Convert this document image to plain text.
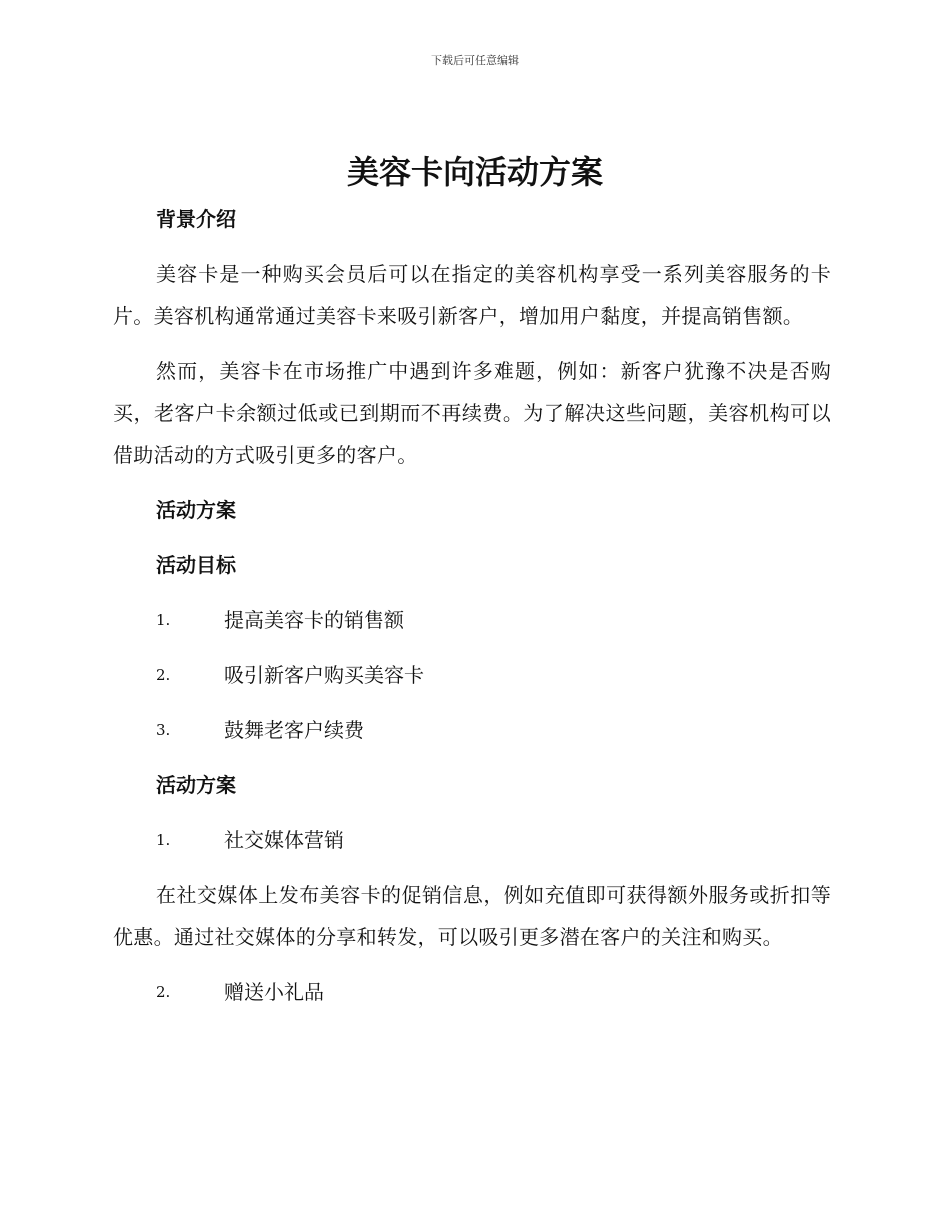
下载后可任意编辑
美容卡向活动方案

背景介绍

美容卡是一种购买会员后可以在指定的美容机构享受一系列美容服务的卡片。美容机构通常通过美容卡来吸引新客户，增加用户黏度，并提高销售额。

然而，美容卡在市场推广中遇到许多难题，例如：新客户犹豫不决是否购买，老客户卡余额过低或已到期而不再续费。为了解决这些问题，美容机构可以借助活动的方式吸引更多的客户。

活动方案

活动目标

1.	提高美容卡的销售额
2.	吸引新客户购买美容卡
3.	鼓舞老客户续费

活动方案

1.	社交媒体营销

在社交媒体上发布美容卡的促销信息，例如充值即可获得额外服务或折扣等优惠。通过社交媒体的分享和转发，可以吸引更多潜在客户的关注和购买。

2.	赠送小礼品
